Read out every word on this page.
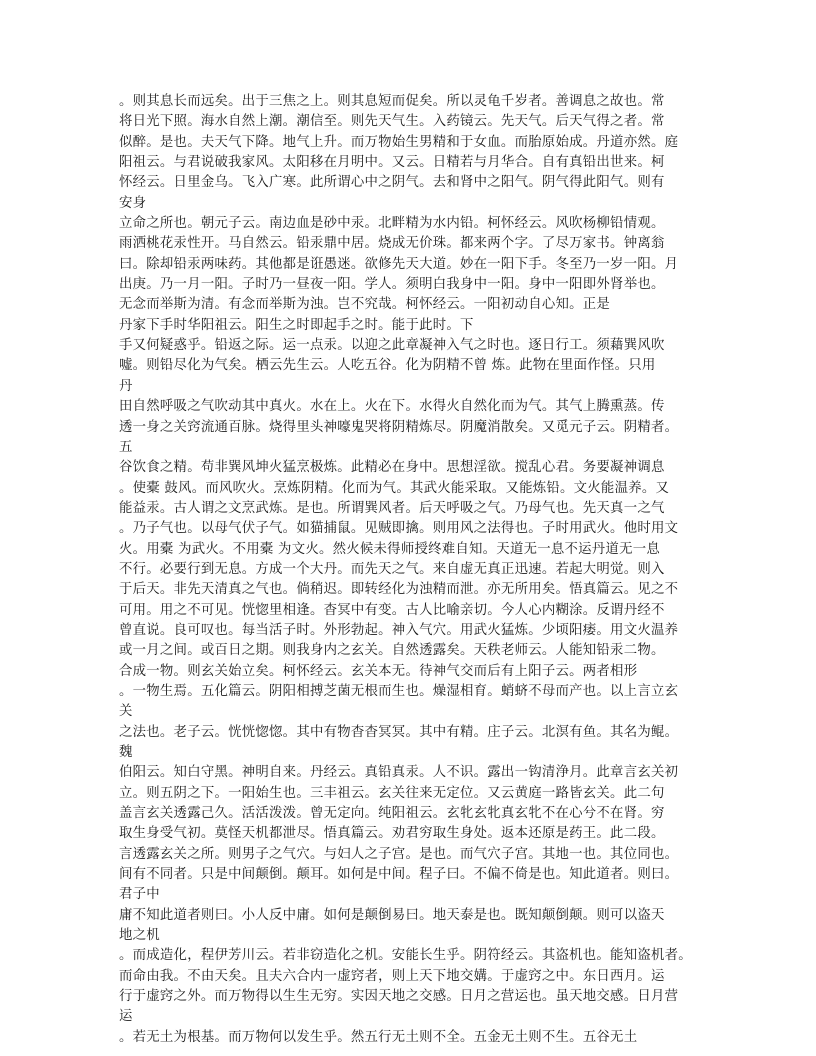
。则其息长而远矣。出于三焦之上。则其息短而促矣。所以灵龟千岁者。善调息之故也。常
将日光下照。海水自然上潮。潮信至。则先天气生。入药镜云。先天气。后天气得之者。常
似醉。是也。夫天气下降。地气上升。而万物始生男精和于女血。而胎原始成。丹道亦然。庭
阳祖云。与君说破我家风。太阳移在月明中。又云。日精若与月华合。自有真铅出世来。柯
怀经云。日里金乌。飞入广寒。此所谓心中之阴气。去和肾中之阳气。阴气得此阳气。则有
安身
立命之所也。朝元子云。南边血是砂中汞。北畔精为水内铅。柯怀经云。风吹杨柳铅情观。
雨洒桃花汞性开。马自然云。铅汞鼎中居。烧成无价珠。都来两个字。了尽万家书。钟离翁
曰。除却铅汞两味药。其他都是诳愚迷。欲修先天大道。妙在一阳下手。冬至乃一岁一阳。月
出庚。乃一月一阳。子时乃一昼夜一阳。学人。须明白我身中一阳。身中一阳即外肾举也。
无念而举斯为清。有念而举斯为浊。岂不究哉。柯怀经云。一阳初动自心知。正是
丹家下手时华阳祖云。阳生之时即起手之时。能于此时。下
手又何疑惑乎。铅返之际。运一点汞。以迎之此章凝神入气之时也。逐日行工。须藉巽风吹
嘘。则铅尽化为气矣。栖云先生云。人吃五谷。化为阴精不曾 炼。此物在里面作怪。只用
丹
田自然呼吸之气吹动其中真火。水在上。火在下。水得火自然化而为气。其气上腾熏蒸。传
透一身之关窍流通百脉。烧得里头神嚎鬼哭将阴精炼尽。阴魔消散矣。又觅元子云。阴精者。
五
谷饮食之精。苟非巽风坤火猛烹极炼。此精必在身中。思想淫欲。搅乱心君。务要凝神调息
。使橐 鼓风。而风吹火。烹炼阴精。化而为气。其武火能采取。又能炼铅。文火能温养。又
能益汞。古人谓之文烹武炼。是也。所谓巽风者。后天呼吸之气。乃母气也。先天真一之气
。乃子气也。以母气伏子气。如猫捕鼠。见贼即擒。则用风之法得也。子时用武火。他时用文
火。用橐 为武火。不用橐 为文火。然火候未得师授终难自知。天道无一息不运丹道无一息
不行。必要行到无息。方成一个大丹。而先天之气。来自虚无真正迅速。若起大明觉。则入
于后天。非先天清真之气也。倘稍迟。即转经化为浊精而泄。亦无所用矣。悟真篇云。见之不
可用。用之不可见。恍惚里相逢。杳冥中有变。古人比喻亲切。今人心内糊涂。反谓丹经不
曾直说。良可叹也。每当活子时。外形勃起。神入气穴。用武火猛炼。少顷阳痿。用文火温养
或一月之间。或百日之期。则我身内之玄关。自然透露矣。天秩老师云。人能知铅汞二物。
合成一物。则玄关始立矣。柯怀经云。玄关本无。待神气交而后有上阳子云。两者相形
。一物生焉。五化篇云。阴阳相搏芝菌无根而生也。燥湿相育。蛸蛴不母而产也。以上言立玄
关
之法也。老子云。恍恍惚惚。其中有物杳杳冥冥。其中有精。庄子云。北溟有鱼。其名为鲲。
魏
伯阳云。知白守黑。神明自来。丹经云。真铅真汞。人不识。露出一钩清浄月。此章言玄关初
立。则五阴之下。一阳始生也。三丰祖云。玄关往来无定位。又云黄庭一路皆玄关。此二句
盖言玄关透露己久。活活泼泼。曾无定向。纯阳祖云。玄牝玄牝真玄牝不在心兮不在肾。穷
取生身受气初。莫怪天机都泄尽。悟真篇云。劝君穷取生身处。返本还原是药王。此二段。
言透露玄关之所。则男子之气穴。与妇人之子宫。是也。而气穴子宫。其地一也。其位同也。
间有不同者。只是中间颠倒。颠耳。如何是中间。程子曰。不偏不倚是也。知此道者。则曰。
君子中
庸不知此道者则曰。小人反中庸。如何是颠倒易曰。地天泰是也。既知颠倒颠。则可以盗天
地之机
。而成造化，程伊芳川云。若非窃造化之机。安能长生乎。阴符经云。其盗机也。能知盗机者。
而命由我。不由天矣。且夫六合内一虚窍者，则上天下地交媾。于虚窍之中。东日西月。运
行于虚窍之外。而万物得以生生无穷。实因天地之交感。日月之营运也。虽天地交感。日月营
运
。若无土为根基。而万物何以发生乎。然五行无土则不全。五金无土则不生。五谷无土
